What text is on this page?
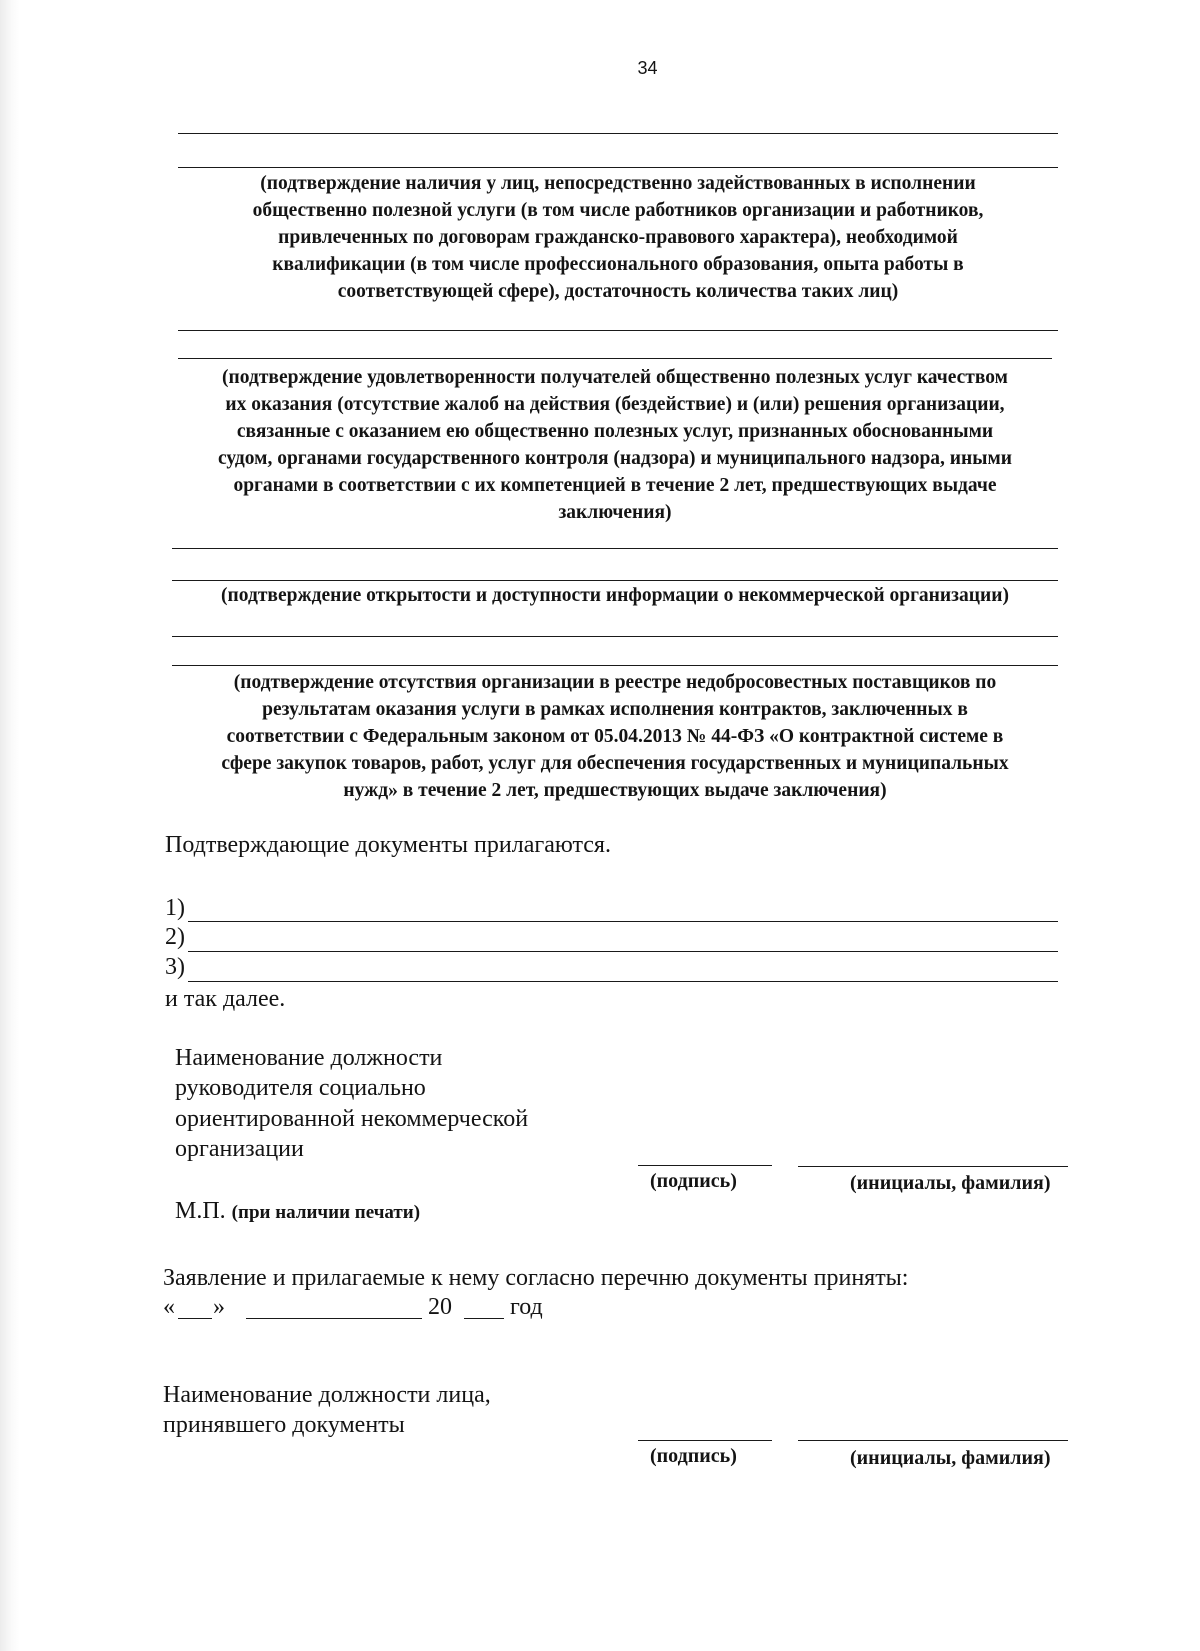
34
(подтверждение наличия у лиц, непосредственно задействованных в исполнении
общественно полезной услуги (в том числе работников организации и работников,
привлеченных по договорам гражданско-правового характера), необходимой
квалификации (в том числе профессионального образования, опыта работы в
соответствующей сфере), достаточность количества таких лиц)
(подтверждение удовлетворенности получателей общественно полезных услуг качеством
их оказания (отсутствие жалоб на действия (бездействие) и (или) решения организации,
связанные с оказанием ею общественно полезных услуг, признанных обоснованными
судом, органами государственного контроля (надзора) и муниципального надзора, иными
органами в соответствии с их компетенцией в течение 2 лет, предшествующих выдаче
заключения)
(подтверждение открытости и доступности информации о некоммерческой организации)
(подтверждение отсутствия организации в реестре недобросовестных поставщиков по
результатам оказания услуги в рамках исполнения контрактов, заключенных в
соответствии с Федеральным законом от 05.04.2013 № 44-ФЗ «О контрактной системе в
сфере закупок товаров, работ, услуг для обеспечения государственных и муниципальных
нужд» в течение 2 лет, предшествующих выдаче заключения)
Подтверждающие документы прилагаются.
1)
2)
3)
и так далее.
Наименование должности
руководителя социально
ориентированной некоммерческой
организации
(подпись)	(инициалы, фамилия)
М.П. (при наличии печати)
Заявление и прилагаемые к нему согласно перечню документы приняты:
« »	20 год
Наименование должности лица,
принявшего документы
(подпись)	(инициалы, фамилия)
